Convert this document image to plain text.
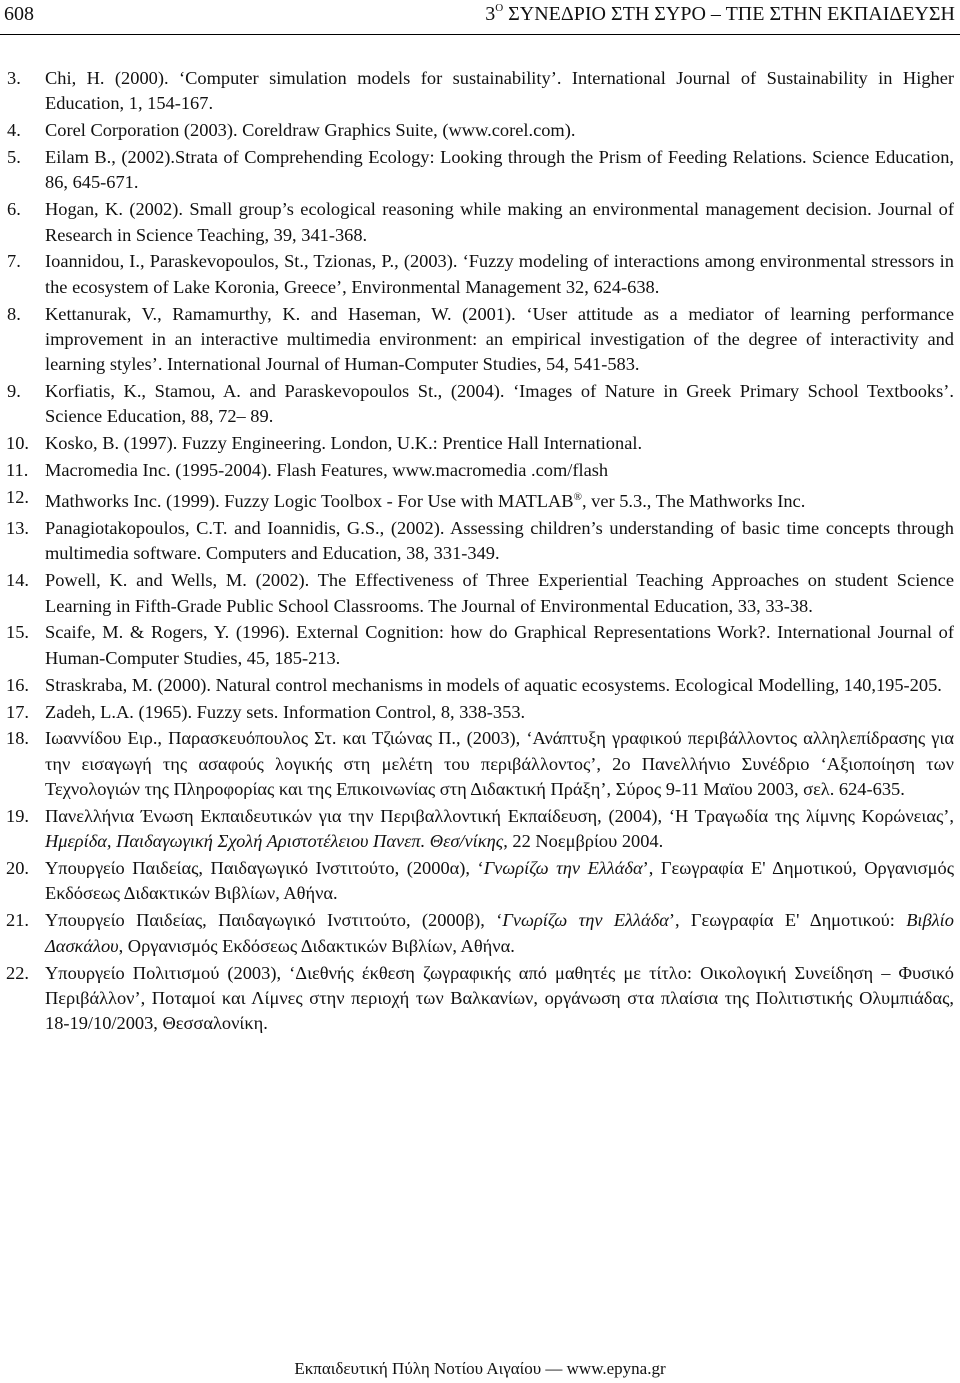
608	$3^O$ ΣΥΝΕΔΡΙΟ ΣΤΗ ΣΥΡΟ – ΤΠΕ ΣΤΗΝ ΕΚΠΑΙΔΕΥΣΗ
3. Chi, H. (2000). ‘Computer simulation models for sustainability’. International Journal of Sustainability in Higher Education, 1, 154-167.
4. Corel Corporation (2003). Coreldraw Graphics Suite, (www.corel.com).
5. Eilam B., (2002).Strata of Comprehending Ecology: Looking through the Prism of Feeding Relations. Science Education, 86, 645-671.
6. Hogan, K. (2002). Small group’s ecological reasoning while making an environmental management decision. Journal of Research in Science Teaching, 39, 341-368.
7. Ioannidou, I., Paraskevopoulos, St., Tzionas, P., (2003). ‘Fuzzy modeling of interactions among environmental stressors in the ecosystem of Lake Koronia, Greece’, Environmental Management 32, 624-638.
8. Kettanurak, V., Ramamurthy, K. and Haseman, W. (2001). ‘User attitude as a mediator of learning performance improvement in an interactive multimedia environment: an empirical investigation of the degree of interactivity and learning styles’. International Journal of Human-Computer Studies, 54, 541-583.
9. Korfiatis, K., Stamou, A. and Paraskevopoulos St., (2004). ‘Images of Nature in Greek Primary School Textbooks’. Science Education, 88, 72– 89.
10. Kosko, B. (1997). Fuzzy Engineering. London, U.K.: Prentice Hall International.
11. Macromedia Inc. (1995-2004). Flash Features, www.macromedia .com/flash
12. Mathworks Inc. (1999). Fuzzy Logic Toolbox - For Use with MATLAB®, ver 5.3., The Mathworks Inc.
13. Panagiotakopoulos, C.T. and Ioannidis, G.S., (2002). Assessing children’s understanding of basic time concepts through multimedia software. Computers and Education, 38, 331-349.
14. Powell, K. and Wells, M. (2002). The Effectiveness of Three Experiential Teaching Approaches on student Science Learning in Fifth-Grade Public School Classrooms. The Journal of Environmental Education, 33, 33-38.
15. Scaife, M. & Rogers, Y. (1996). External Cognition: how do Graphical Representations Work?. International Journal of Human-Computer Studies, 45, 185-213.
16. Straskraba, M. (2000). Natural control mechanisms in models of aquatic ecosystems. Ecological Modelling, 140,195-205.
17. Zadeh, L.A. (1965). Fuzzy sets. Information Control, 8, 338-353.
18. Ιωαννίδου Ειρ., Παρασκευόπουλος Στ. και Τζιώνας Π., (2003), ‘Ανάπτυξη γραφικού περιβάλλοντος αλληλεπίδρασης για την εισαγωγή της ασαφούς λογικής στη μελέτη του περιβάλλοντος’, 2ο Πανελλήνιο Συνέδριο ‘Αξιοποίηση των Τεχνολογιών της Πληροφορίας και της Επικοινωνίας στη Διδακτική Πράξη’, Σύρος 9-11 Μαϊου 2003, σελ. 624-635.
19. Πανελλήνια Ένωση Εκπαιδευτικών για την Περιβαλλοντική Εκπαίδευση, (2004), ‘Η Τραγωδία της λίμνης Κορώνειας’, Ημερίδα, Παιδαγωγική Σχολή Αριστοτέλειου Πανεπ. Θεσ/νίκης, 22 Νοεμβρίου 2004.
20. Υπουργείο Παιδείας, Παιδαγωγικό Ινστιτούτο, (2000α), ‘Γνωρίζω την Ελλάδα’, Γεωγραφία Ε' Δημοτικού, Οργανισμός Εκδόσεως Διδακτικών Βιβλίων, Αθήνα.
21. Υπουργείο Παιδείας, Παιδαγωγικό Ινστιτούτο, (2000β), ‘Γνωρίζω την Ελλάδα’, Γεωγραφία Ε' Δημοτικού: Βιβλίο Δασκάλου, Οργανισμός Εκδόσεως Διδακτικών Βιβλίων, Αθήνα.
22. Υπουργείο Πολιτισμού (2003), ‘Διεθνής έκθεση ζωγραφικής από μαθητές με τίτλο: Οικολογική Συνείδηση – Φυσικό Περιβάλλον’, Ποταμοί και Λίμνες στην περιοχή των Βαλκανίων, οργάνωση στα πλαίσια της Πολιτιστικής Ολυμπιάδας, 18-19/10/2003, Θεσσαλονίκη.
Εκπαιδευτική Πύλη Νοτίου Αιγαίου — www.epyna.gr
